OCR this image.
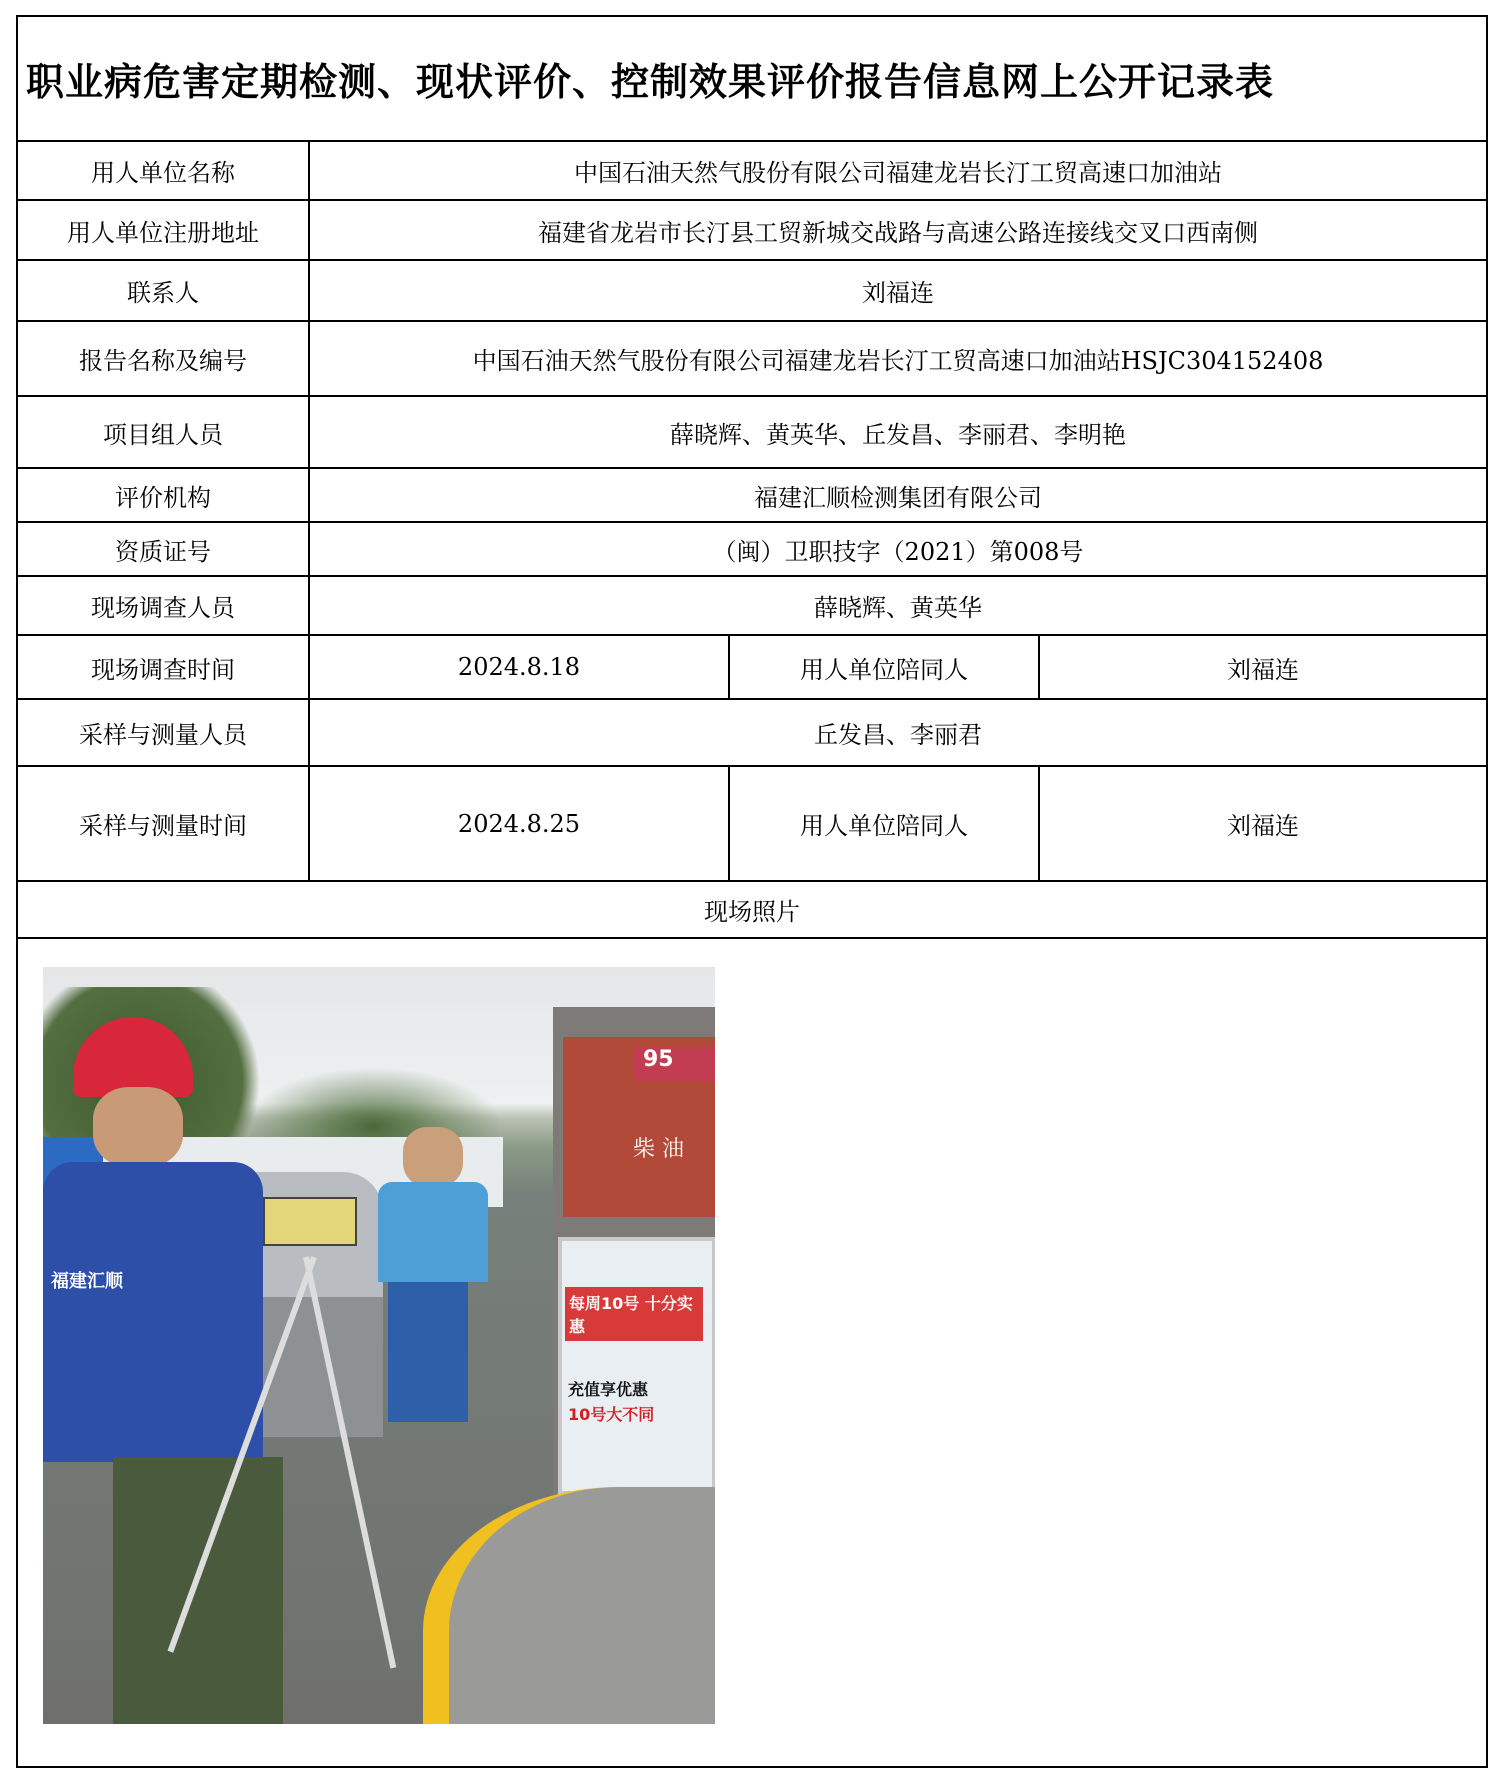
职业病危害定期检测、现状评价、控制效果评价报告信息网上公开记录表
用人单位名称	中国石油天然气股份有限公司福建龙岩长汀工贸高速口加油站
用人单位注册地址	福建省龙岩市长汀县工贸新城交战路与高速公路连接线交叉口西南侧
联系人	刘福连
报告名称及编号	中国石油天然气股份有限公司福建龙岩长汀工贸高速口加油站HSJC304152408
项目组人员	薛晓辉、黄英华、丘发昌、李丽君、李明艳
评价机构	福建汇顺检测集团有限公司
资质证号	（闽）卫职技字（2021）第008号
现场调查人员	薛晓辉、黄英华
现场调查时间	2024.8.18	用人单位陪同人	刘福连
采样与测量人员	丘发昌、李丽君
采样与测量时间	2024.8.25	用人单位陪同人	刘福连
现场照片
95
柴 油
每周10号 十分实惠
充值享优惠
10号大不同
福建汇顺
